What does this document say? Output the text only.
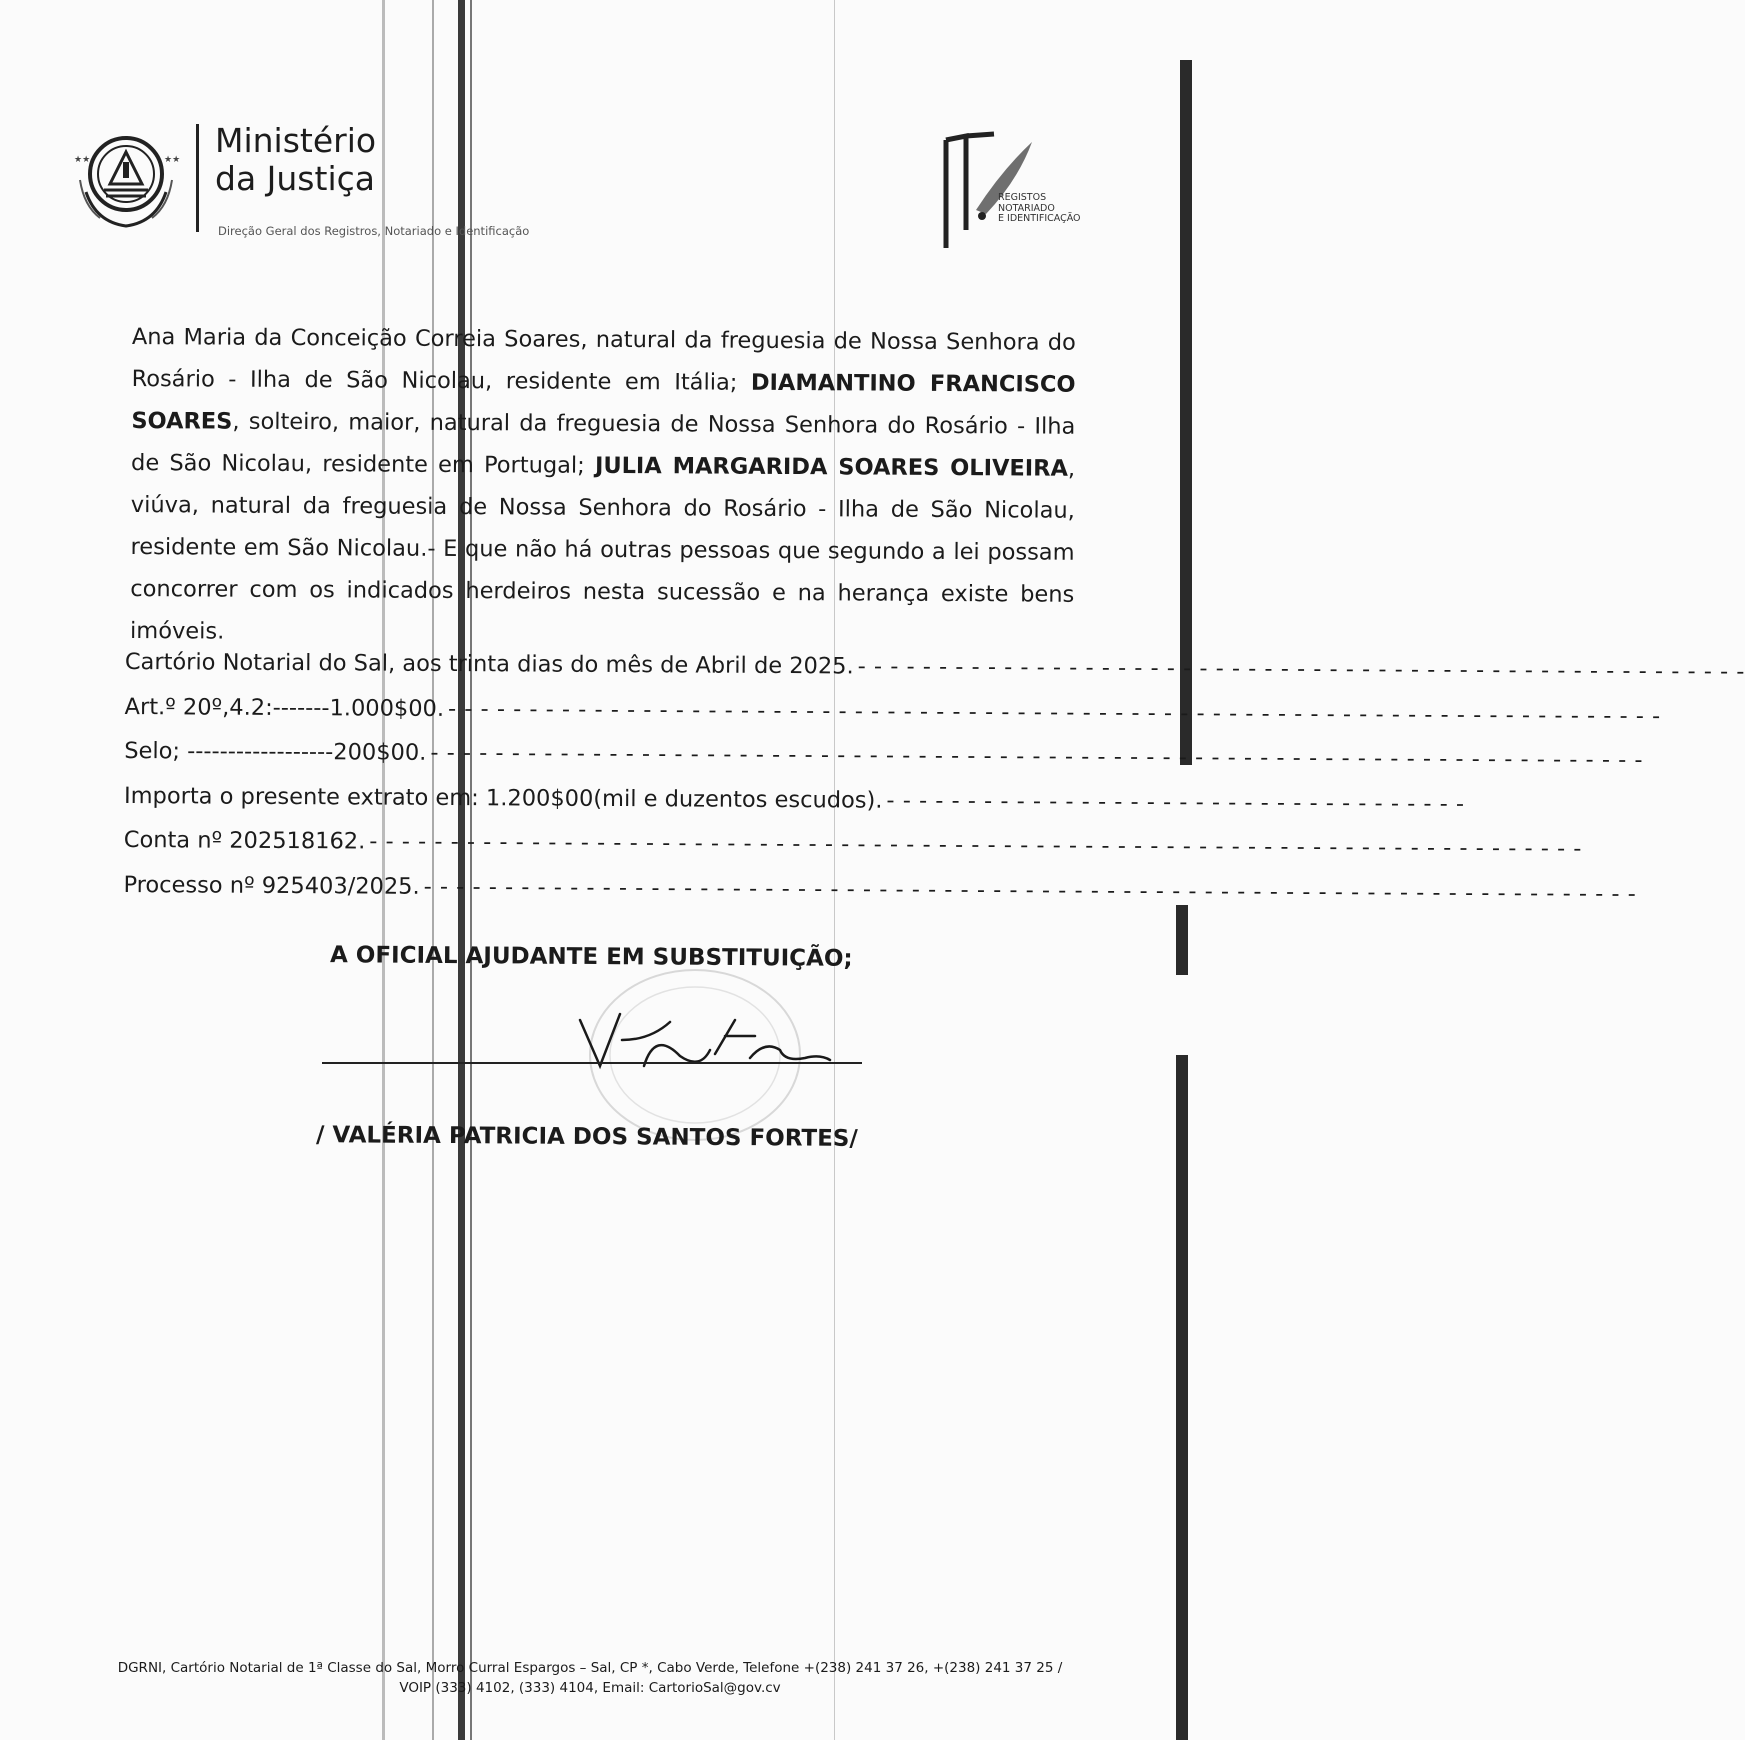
★★	★★ Ministério
da Justiça
Direção Geral dos Registros, Notariado e Identificação
REGISTOS
NOTARIADO
E IDENTIFICAÇÃO

Ana Maria da Conceição Correia Soares, natural da freguesia de Nossa Senhora do Rosário - Ilha de São Nicolau, residente em Itália; DIAMANTINO FRANCISCO SOARES, solteiro, maior, natural da freguesia de Nossa Senhora do Rosário - Ilha de São Nicolau, residente em Portugal; JULIA MARGARIDA SOARES OLIVEIRA, viúva, natural da freguesia de Nossa Senhora do Rosário - Ilha de São Nicolau, residente em São Nicolau.- E que não há outras pessoas que segundo a lei possam concorrer com os indicados herdeiros nesta sucessão e na herança existe bens imóveis.

Cartório Notarial do Sal, aos trinta dias do mês de Abril de 2025. - - - - - - - - - - - - - - - - - - - - - - - - - - - - - - - - - - - - - - - - - - - - - - - - - - - - - - -
Art.º 20º,4.2:-------1.000$00. - - - - - - - - - - - - - - - - - - - - - - - - - - - - - - - - - - - - - - - - - - - - - - - - - - - - - - - - - - - - - - - - - - - - - - - - - - -
Selo; ------------------200$00. - - - - - - - - - - - - - - - - - - - - - - - - - - - - - - - - - - - - - - - - - - - - - - - - - - - - - - - - - - - - - - - - - - - - - - - - - - -
Importa o presente extrato em: 1.200$00(mil e duzentos escudos). - - - - - - - - - - - - - - - - - - - - - - - - - - - - - - - - - - - -
Conta nº 202518162. - - - - - - - - - - - - - - - - - - - - - - - - - - - - - - - - - - - - - - - - - - - - - - - - - - - - - - - - - - - - - - - - - - - - - - - - - - -
Processo nº 925403/2025. - - - - - - - - - - - - - - - - - - - - - - - - - - - - - - - - - - - - - - - - - - - - - - - - - - - - - - - - - - - - - - - - - - - - - - - - - - -
A OFICIAL AJUDANTE EM SUBSTITUIÇÃO;
/ VALÉRIA PATRICIA DOS SANTOS FORTES/
DGRNI, Cartório Notarial de 1ª Classe do Sal, Morro Curral Espargos – Sal, CP *, Cabo Verde, Telefone +(238) 241 37 26, +(238) 241 37 25 /
VOIP (333) 4102, (333) 4104, Email: CartorioSal@gov.cv
